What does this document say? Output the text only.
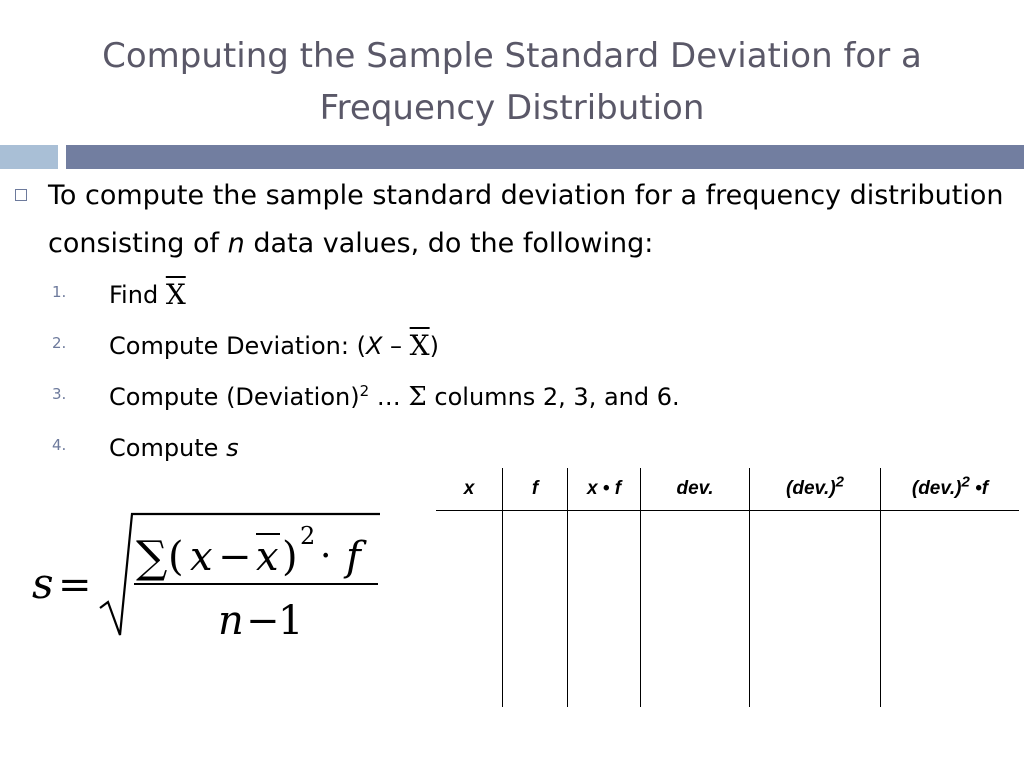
Computing the Sample Standard Deviation for a
Frequency Distribution
To compute the sample standard deviation for a frequency distribution consisting of n data values, do the following:
1. Find $\overline{X}$
2. Compute Deviation: $(X - \overline{X})$
3. Compute (Deviation)$^2$ … Σ columns 2, 3, and 6.
4. Compute s
x	f	x • f	dev.	$(dev.)^2$	$(dev.)^2$ •f

s =
∑ ( x − x ) 2 · f
n −
1
